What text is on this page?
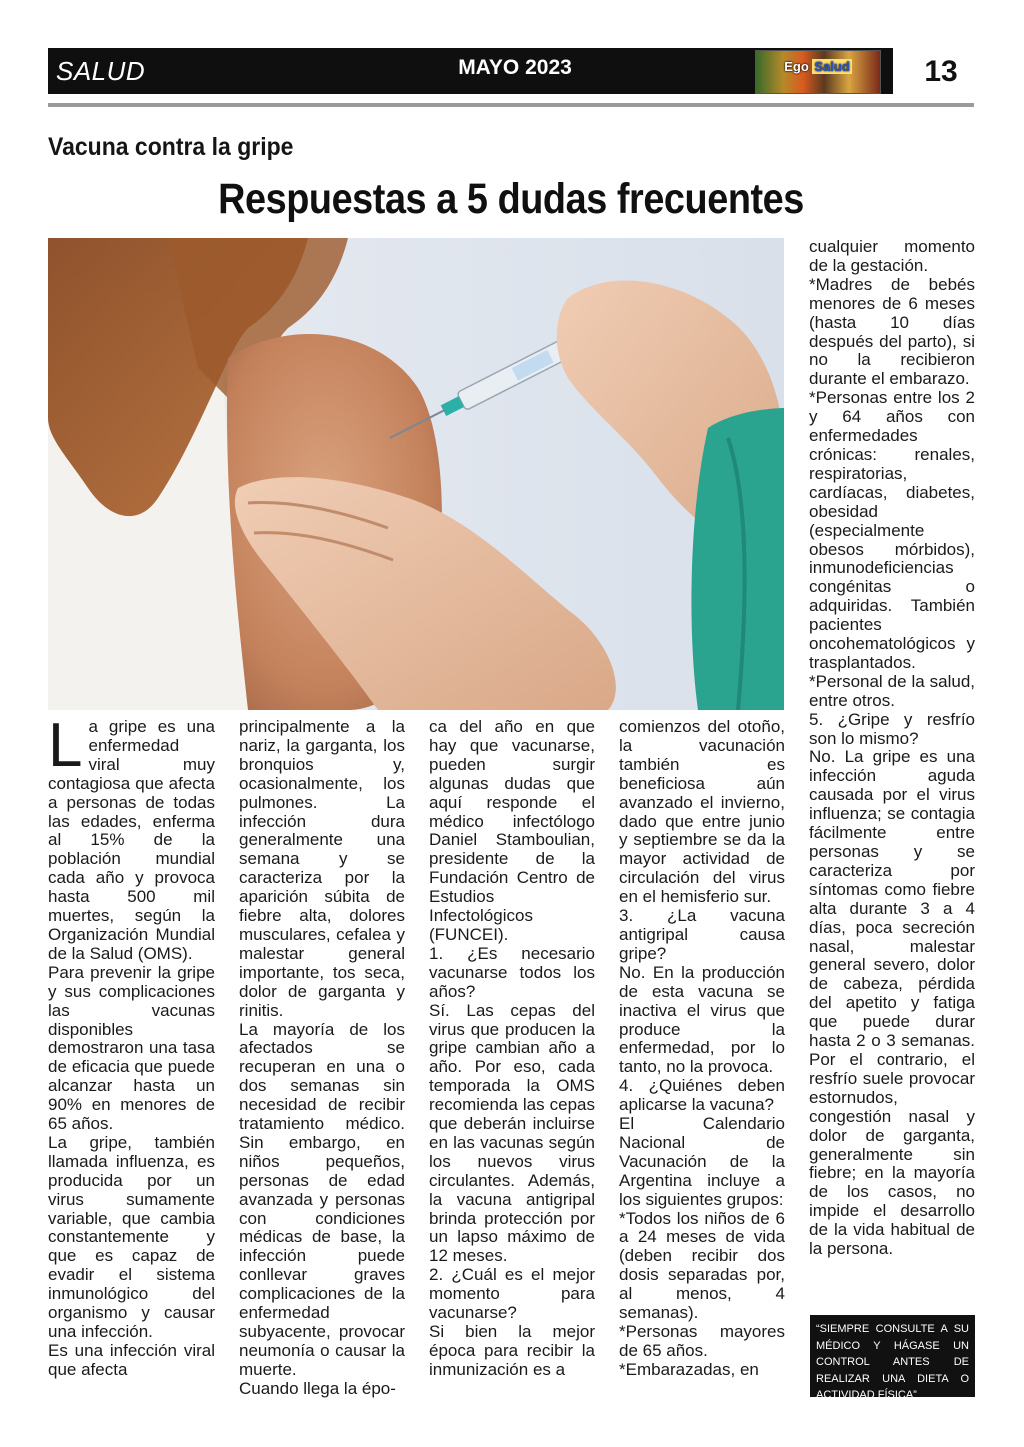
SALUD	MAYO 2023	Ego Salud	13
Vacuna contra la gripe
Respuestas a 5 dudas frecuentes

La gripe es una enfermedad viral muy contagiosa que afecta a personas de todas las edades, enferma al 15% de la población mundial cada año y provoca hasta 500 mil muertes, según la Organización Mundial de la Salud (OMS).

Para prevenir la gripe y sus complicaciones las vacunas disponibles demostraron una tasa de eficacia que puede alcanzar hasta un 90% en menores de 65 años.

La gripe, también llamada influenza, es producida por un virus sumamente variable, que cambia constantemente y que es capaz de evadir el sistema inmunológico del organismo y causar una infección.

Es una infección viral que afecta

principalmente a la nariz, la garganta, los bronquios y, ocasionalmente, los pulmones. La infección dura generalmente una semana y se caracteriza por la aparición súbita de fiebre alta, dolores musculares, cefalea y malestar general importante, tos seca, dolor de garganta y rinitis.

La mayoría de los afectados se recuperan en una o dos semanas sin necesidad de recibir tratamiento médico. Sin embargo, en niños pequeños, personas de edad avanzada y personas con condiciones médicas de base, la infección puede conllevar graves complicaciones de la enfermedad subyacente, provocar neumonía o causar la muerte.

Cuando llega la épo-

ca del año en que hay que vacunarse, pueden surgir algunas dudas que aquí responde el médico infectólogo Daniel Stamboulian, presidente de la Fundación Centro de Estudios Infectológicos (FUNCEI).

1. ¿Es necesario vacunarse todos los años?

Sí. Las cepas del virus que producen la gripe cambian año a año. Por eso, cada temporada la OMS recomienda las cepas que deberán incluirse en las vacunas según los nuevos virus circulantes. Además, la vacuna antigripal brinda protección por un lapso máximo de 12 meses.

2. ¿Cuál es el mejor momento para vacunarse?

Si bien la mejor época para recibir la inmunización es a

comienzos del otoño, la vacunación también es beneficiosa aún avanzado el invierno, dado que entre junio y septiembre se da la mayor actividad de circulación del virus en el hemisferio sur.

3. ¿La vacuna antigripal causa gripe?

No. En la producción de esta vacuna se inactiva el virus que produce la enfermedad, por lo tanto, no la provoca.

4. ¿Quiénes deben aplicarse la vacuna?

El Calendario Nacional de Vacunación de la Argentina incluye a los siguientes grupos:

*Todos los niños de 6 a 24 meses de vida (deben recibir dos dosis separadas por, al menos, 4 semanas).

*Personas mayores de 65 años.

*Embarazadas, en

cualquier momento de la gestación.

*Madres de bebés menores de 6 meses (hasta 10 días después del parto), si no la recibieron durante el embarazo.

*Personas entre los 2 y 64 años con enfermedades crónicas: renales, respiratorias, cardíacas, diabetes, obesidad (especialmente obesos mórbidos), inmunodeficiencias congénitas o adquiridas. También pacientes oncohematológicos y trasplantados.

*Personal de la salud, entre otros.

5. ¿Gripe y resfrío son lo mismo?

No. La gripe es una infección aguda causada por el virus influenza; se contagia fácilmente entre personas y se caracteriza por síntomas como fiebre alta durante 3 a 4 días, poca secreción nasal, malestar general severo, dolor de cabeza, pérdida del apetito y fatiga que puede durar hasta 2 o 3 semanas. Por el contrario, el resfrío suele provocar estornudos, congestión nasal y dolor de garganta, generalmente sin fiebre; en la mayoría de los casos, no impide el desarrollo de la vida habitual de la persona.

“SIEMPRE CONSULTE A SU MÉDICO Y HÁGASE UN CONTROL ANTES DE REALIZAR UNA DIETA O ACTIVIDAD FÍSICA”
